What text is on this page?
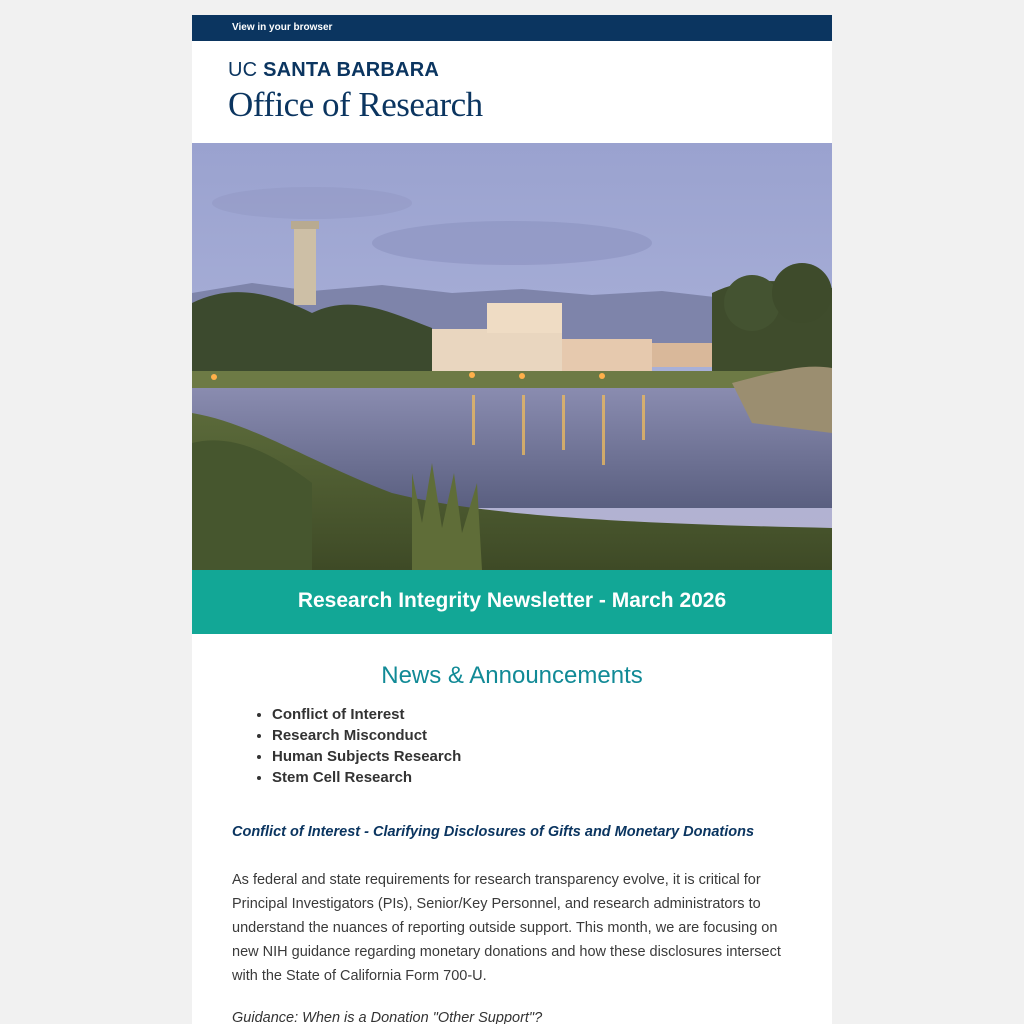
View in your browser
UC SANTA BARBARA
Office of Research
Research Integrity Newsletter - March 2026
News & Announcements
• Conflict of Interest
• Research Misconduct
• Human Subjects Research
• Stem Cell Research

Conflict of Interest - Clarifying Disclosures of Gifts and Monetary Donations

As federal and state requirements for research transparency evolve, it is critical for Principal Investigators (PIs), Senior/Key Personnel, and research administrators to understand the nuances of reporting outside support. This month, we are focusing on new NIH guidance regarding monetary donations and how these disclosures intersect with the State of California Form 700-U.

Guidance: When is a Donation "Other Support"?
